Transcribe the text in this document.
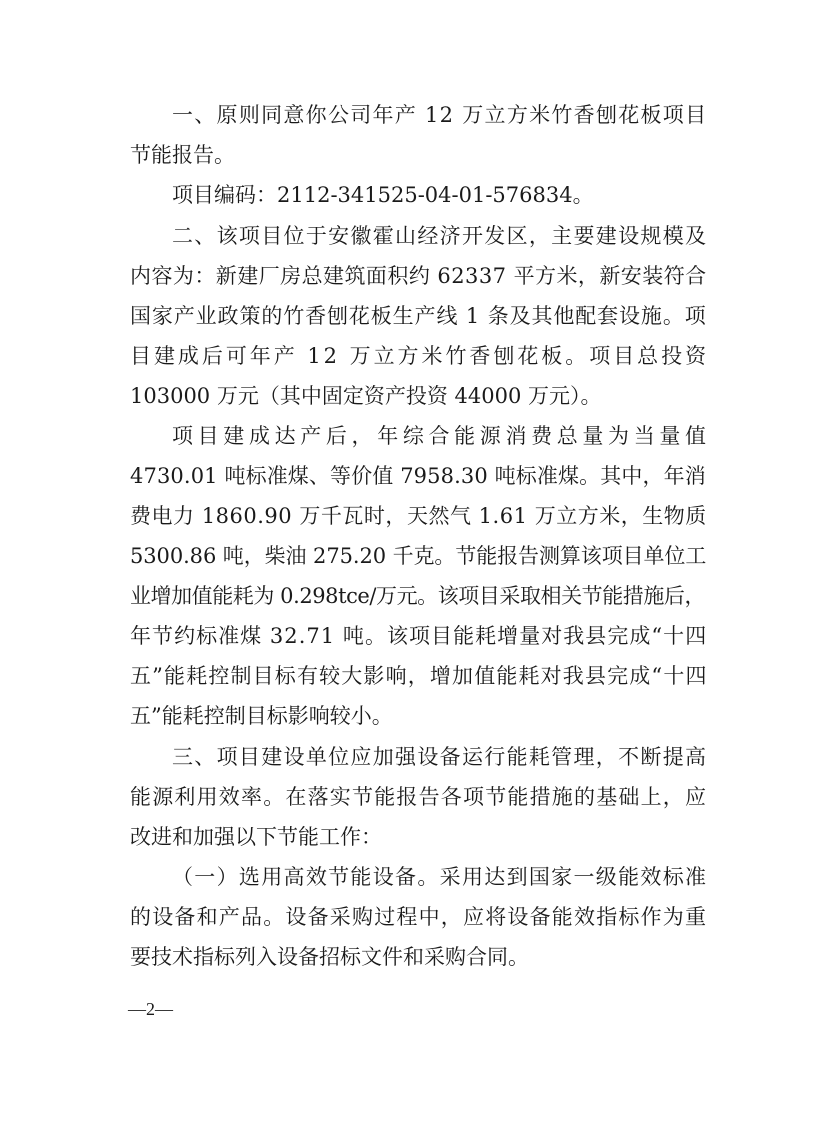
一、原则同意你公司年产 12 万立方米竹香刨花板项目
节能报告。
项目编码：2112-341525-04-01-576834。
二、该项目位于安徽霍山经济开发区，主要建设规模及
内容为：新建厂房总建筑面积约 62337 平方米，新安装符合
国家产业政策的竹香刨花板生产线 1 条及其他配套设施。项
目建成后可年产 12 万立方米竹香刨花板。项目总投资
103000 万元（其中固定资产投资 44000 万元）。
项目建成达产后，年综合能源消费总量为当量值
4730.01 吨标准煤、等价值 7958.30 吨标准煤。其中，年消
费电力 1860.90 万千瓦时，天然气 1.61 万立方米，生物质
5300.86 吨，柴油 275.20 千克。节能报告测算该项目单位工
业增加值能耗为 0.298tce/万元。该项目采取相关节能措施后，
年节约标准煤 32.71 吨。该项目能耗增量对我县完成“十四
五”能耗控制目标有较大影响，增加值能耗对我县完成“十四
五”能耗控制目标影响较小。
三、项目建设单位应加强设备运行能耗管理，不断提高
能源利用效率。在落实节能报告各项节能措施的基础上，应
改进和加强以下节能工作：
（一）选用高效节能设备。采用达到国家一级能效标准
的设备和产品。设备采购过程中，应将设备能效指标作为重
要技术指标列入设备招标文件和采购合同。
—2—
